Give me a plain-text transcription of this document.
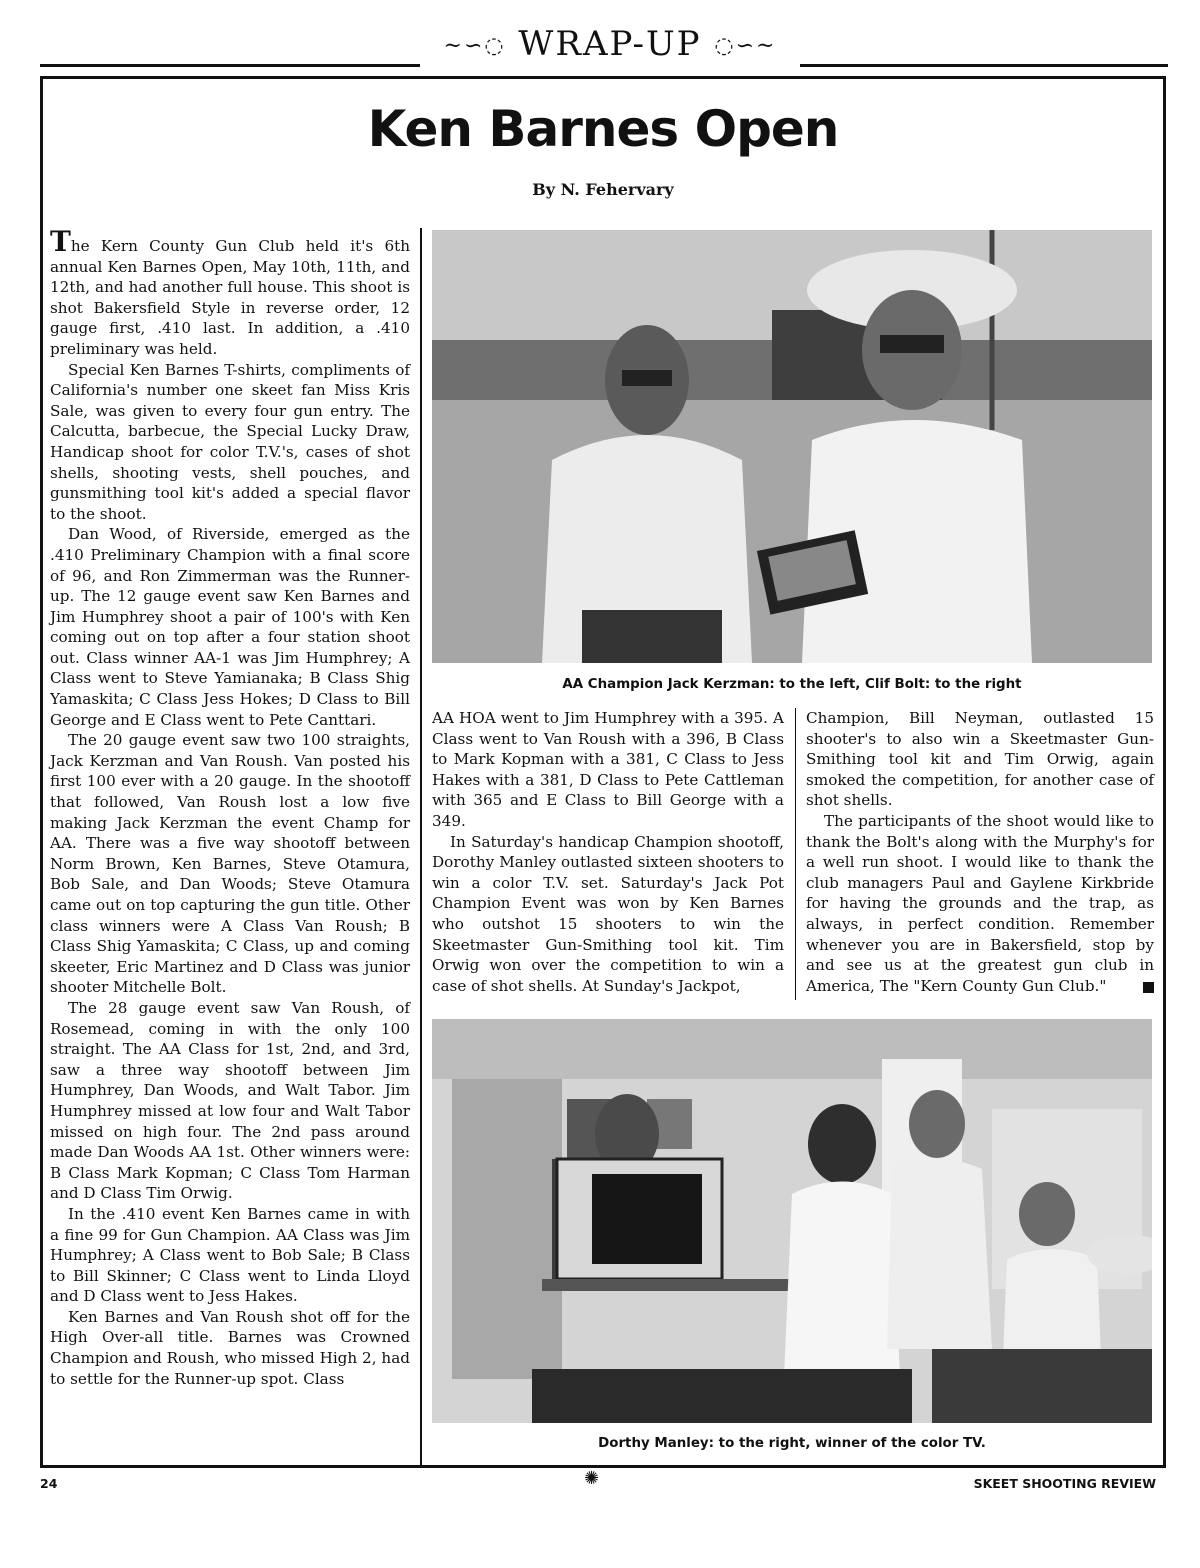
~∽◌ WRAP-UP ◌∽~
Ken Barnes Open
By N. Fehervary

The Kern County Gun Club held it's 6th annual Ken Barnes Open, May 10th, 11th, and 12th, and had another full house. This shoot is shot Bakersfield Style in reverse order, 12 gauge first, .410 last. In addition, a .410 preliminary was held.

Special Ken Barnes T-shirts, compliments of California's number one skeet fan Miss Kris Sale, was given to every four gun entry. The Calcutta, barbecue, the Special Lucky Draw, Handicap shoot for color T.V.'s, cases of shot shells, shooting vests, shell pouches, and gunsmithing tool kit's added a special flavor to the shoot.

Dan Wood, of Riverside, emerged as the .410 Preliminary Champion with a final score of 96, and Ron Zimmerman was the Runner-up. The 12 gauge event saw Ken Barnes and Jim Humphrey shoot a pair of 100's with Ken coming out on top after a four station shoot out. Class winner AA-1 was Jim Humphrey; A Class went to Steve Yamianaka; B Class Shig Yamaskita; C Class Jess Hokes; D Class to Bill George and E Class went to Pete Canttari.

The 20 gauge event saw two 100 straights, Jack Kerzman and Van Roush. Van posted his first 100 ever with a 20 gauge. In the shootoff that followed, Van Roush lost a low five making Jack Kerzman the event Champ for AA. There was a five way shootoff between Norm Brown, Ken Barnes, Steve Otamura, Bob Sale, and Dan Woods; Steve Otamura came out on top capturing the gun title. Other class winners were A Class Van Roush; B Class Shig Yamaskita; C Class, up and coming skeeter, Eric Martinez and D Class was junior shooter Mitchelle Bolt.

The 28 gauge event saw Van Roush, of Rosemead, coming in with the only 100 straight. The AA Class for 1st, 2nd, and 3rd, saw a three way shootoff between Jim Humphrey, Dan Woods, and Walt Tabor. Jim Humphrey missed at low four and Walt Tabor missed on high four. The 2nd pass around made Dan Woods AA 1st. Other winners were: B Class Mark Kopman; C Class Tom Harman and D Class Tim Orwig.

In the .410 event Ken Barnes came in with a fine 99 for Gun Champion. AA Class was Jim Humphrey; A Class went to Bob Sale; B Class to Bill Skinner; C Class went to Linda Lloyd and D Class went to Jess Hakes.

Ken Barnes and Van Roush shot off for the High Over-all title. Barnes was Crowned Champion and Roush, who missed High 2, had to settle for the Runner-up spot. Class

AA Champion Jack Kerzman: to the left, Clif Bolt: to the right

AA HOA went to Jim Humphrey with a 395. A Class went to Van Roush with a 396, B Class to Mark Kopman with a 381, C Class to Jess Hakes with a 381, D Class to Pete Cattleman with 365 and E Class to Bill George with a 349.

In Saturday's handicap Champion shootoff, Dorothy Manley outlasted sixteen shooters to win a color T.V. set. Saturday's Jack Pot Champion Event was won by Ken Barnes who outshot 15 shooters to win the Skeetmaster Gun-Smithing tool kit. Tim Orwig won over the competition to win a case of shot shells. At Sunday's Jackpot,

Champion, Bill Neyman, outlasted 15 shooter's to also win a Skeetmaster Gun-Smithing tool kit and Tim Orwig, again smoked the competition, for another case of shot shells.

The participants of the shoot would like to thank the Bolt's along with the Murphy's for a well run shoot. I would like to thank the club managers Paul and Gaylene Kirkbride for having the grounds and the trap, as always, in perfect condition. Remember whenever you are in Bakersfield, stop by and see us at the greatest gun club in America, The "Kern County Gun Club."

Dorthy Manley: to the right, winner of the color TV.
24	✺	SKEET SHOOTING REVIEW
